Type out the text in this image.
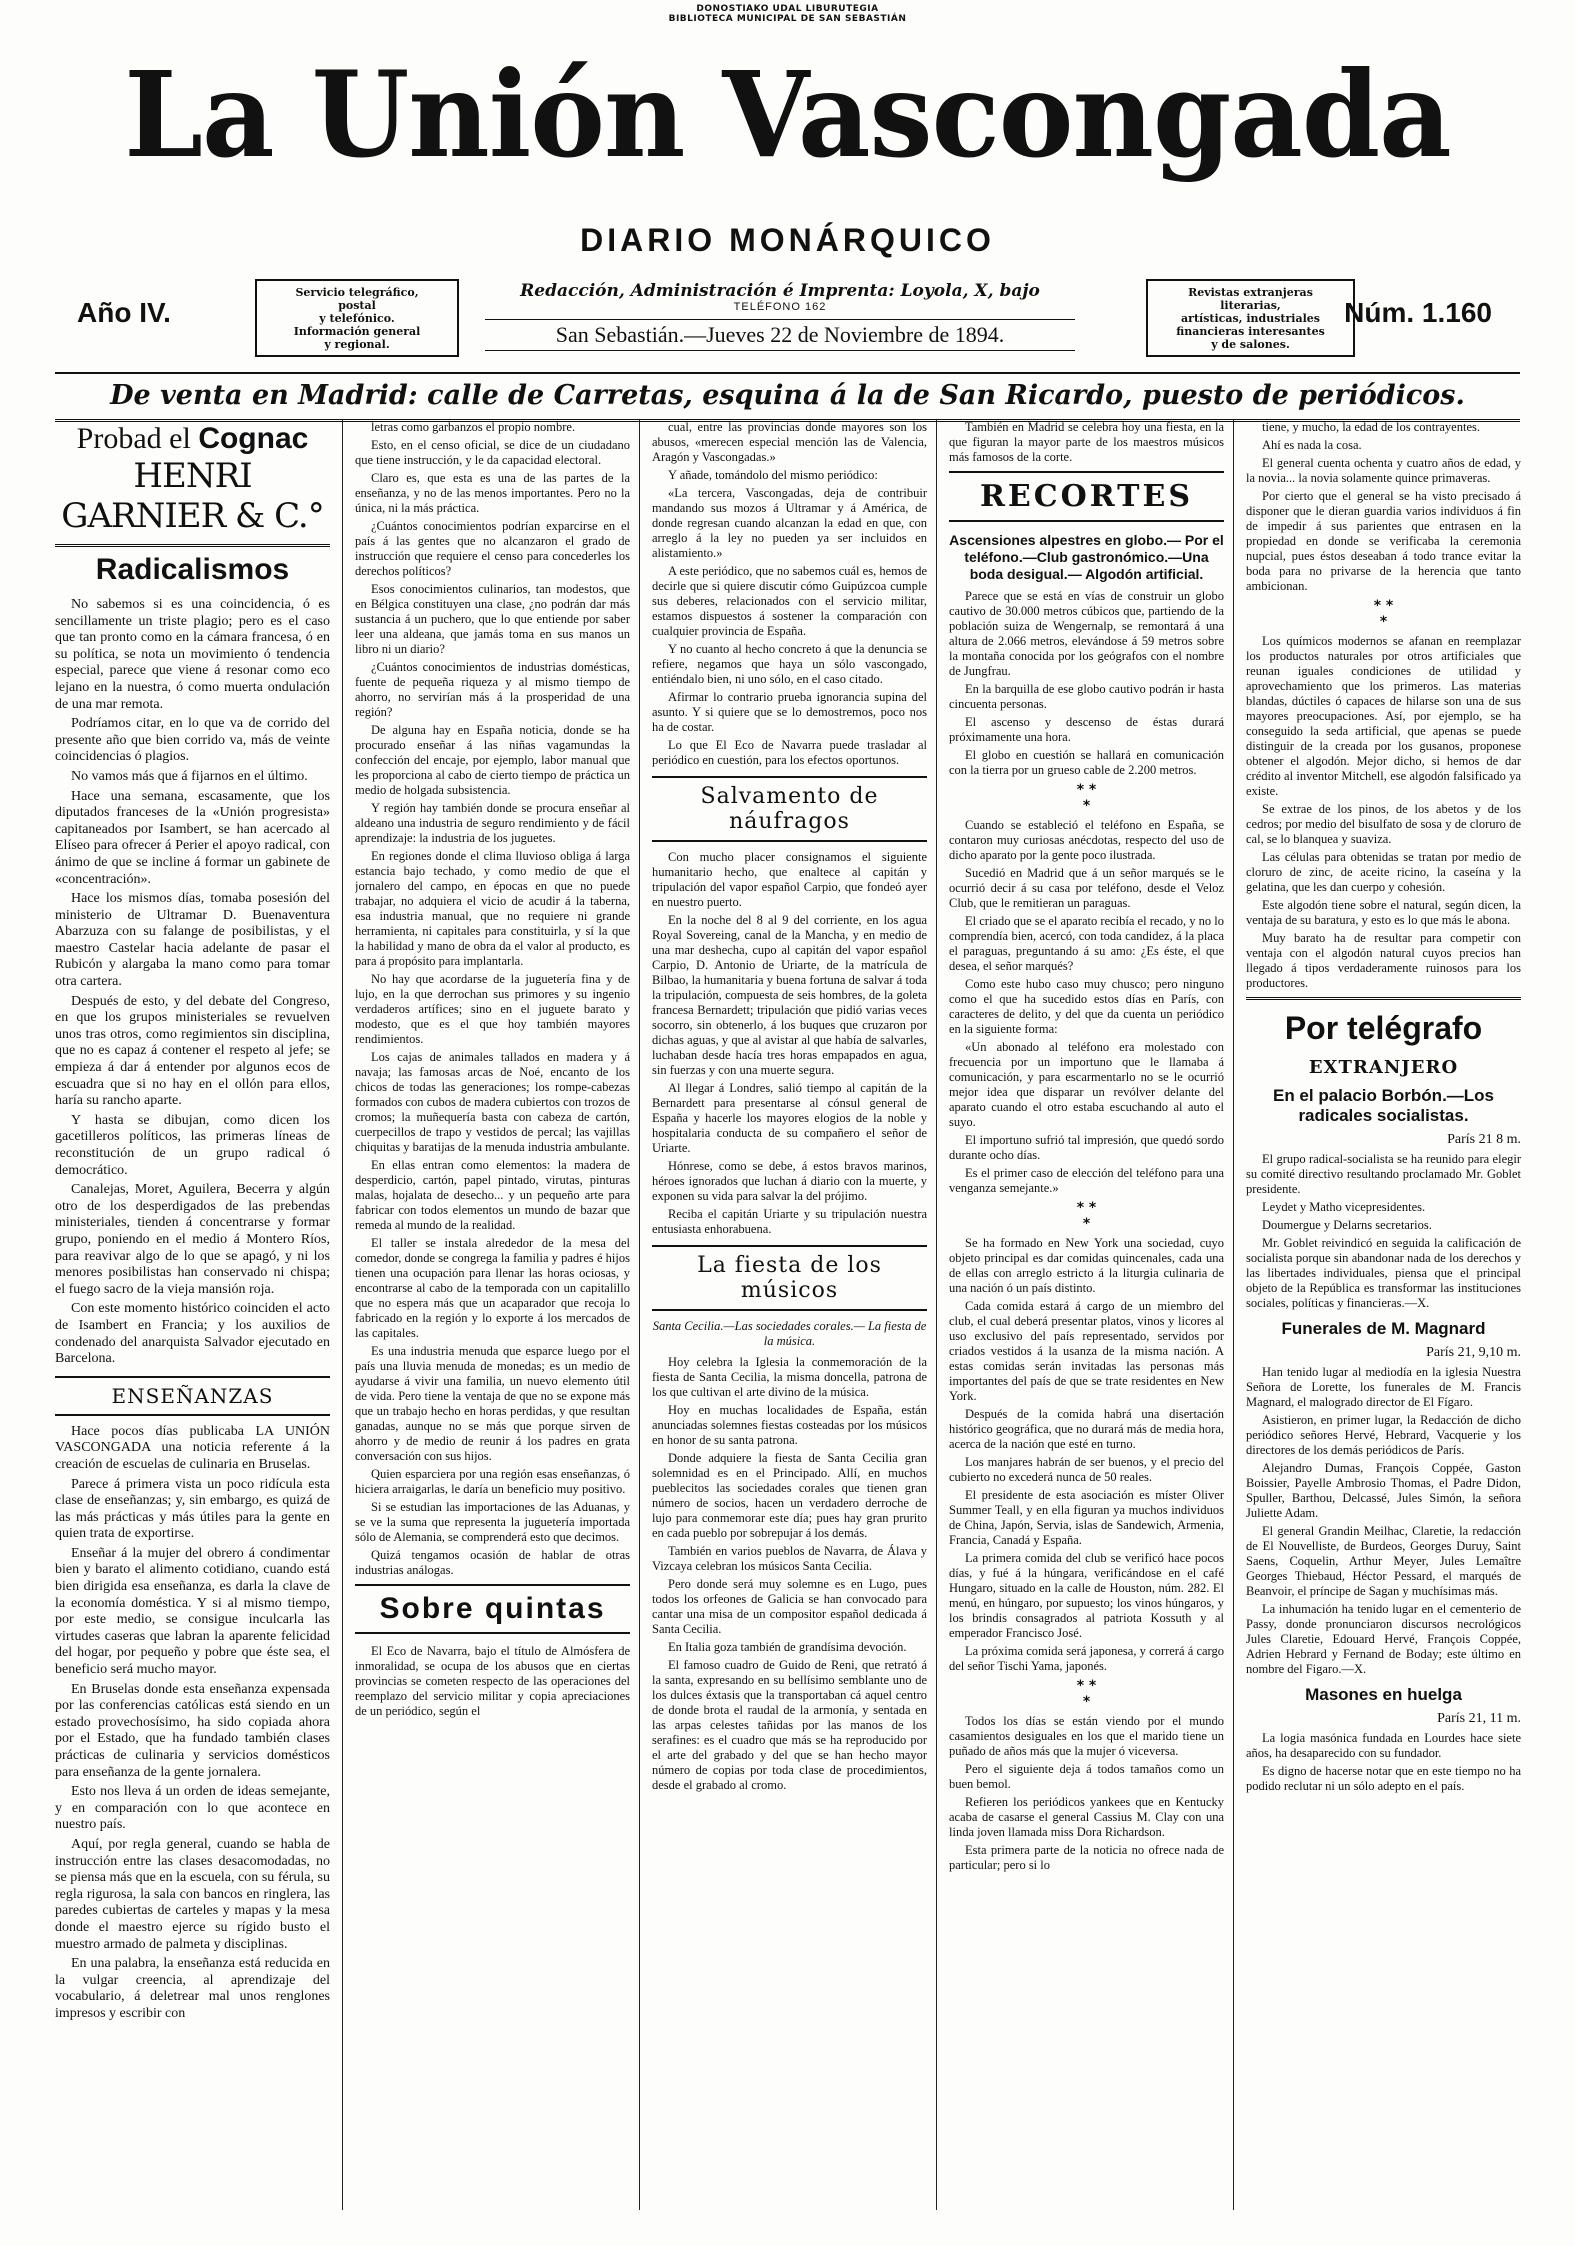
DONOSTIAKO UDAL LIBURUTEGIA
BIBLIOTECA MUNICIPAL DE SAN SEBASTIÁN
La Unión Vascongada
DIARIO MONÁRQUICO
Año IV.
Servicio telegráfico,
postal
y telefónico.
Información general
y regional.
Redacción, Administración é Imprenta: Loyola, X, bajo
TELÉFONO 162
San Sebastián.—Jueves 22 de Noviembre de 1894.
Revistas extranjeras
literarias,
artísticas, industriales
financieras interesantes
y de salones.
Núm. 1.160
De venta en Madrid: calle de Carretas, esquina á la de San Ricardo, puesto de periódicos.
Probad el Cognac
HENRI GARNIER & C.°
Radicalismos

No sabemos si es una coincidencia, ó es sencillamente un triste plagio; pero es el caso que tan pronto como en la cámara francesa, ó en su política, se nota un movimiento ó tendencia especial, parece que viene á resonar como eco lejano en la nuestra, ó como muerta ondulación de una mar remota.

Podríamos citar, en lo que va de corrido del presente año que bien corrido va, más de veinte coincidencias ó plagios.

No vamos más que á fijarnos en el último.

Hace una semana, escasamente, que los diputados franceses de la «Unión progresista» capitaneados por Isambert, se han acercado al Elíseo para ofrecer á Perier el apoyo radical, con ánimo de que se incline á formar un gabinete de «concentración».

Hace los mismos días, tomaba posesión del ministerio de Ultramar D. Buenaventura Abarzuza con su falange de posibilistas, y el maestro Castelar hacia adelante de pasar el Rubicón y alargaba la mano como para tomar otra cartera.

Después de esto, y del debate del Congreso, en que los grupos ministeriales se revuelven unos tras otros, como regimientos sin disciplina, que no es capaz á contener el respeto al jefe; se empieza á dar á entender por algunos ecos de escuadra que si no hay en el ollón para ellos, haría su rancho aparte.

Y hasta se dibujan, como dicen los gacetilleros políticos, las primeras líneas de reconstitución de un grupo radical ó democrático.

Canalejas, Moret, Aguilera, Becerra y algún otro de los desperdigados de las prebendas ministeriales, tienden á concentrarse y formar grupo, poniendo en el medio á Montero Ríos, para reavivar algo de lo que se apagó, y ni los menores posibilistas han conservado ni chispa; el fuego sacro de la vieja mansión roja.

Con este momento histórico coinciden el acto de Isambert en Francia; y los auxilios de condenado del anarquista Salvador ejecutado en Barcelona.

ENSEÑANZAS

Hace pocos días publicaba LA UNIÓN VASCONGADA una noticia referente á la creación de escuelas de culinaria en Bruselas.

Parece á primera vista un poco ridícula esta clase de enseñanzas; y, sin embargo, es quizá de las más prácticas y más útiles para la gente en quien trata de exportirse.

Enseñar á la mujer del obrero á condimentar bien y barato el alimento cotidiano, cuando está bien dirigida esa enseñanza, es darla la clave de la economía doméstica. Y si al mismo tiempo, por este medio, se consigue inculcarla las virtudes caseras que labran la aparente felicidad del hogar, por pequeño y pobre que éste sea, el beneficio será mucho mayor.

En Bruselas donde esta enseñanza expensada por las conferencias católicas está siendo en un estado provechosísimo, ha sido copiada ahora por el Estado, que ha fundado también clases prácticas de culinaria y servicios domésticos para enseñanza de la gente jornalera.

Esto nos lleva á un orden de ideas semejante, y en comparación con lo que acontece en nuestro país.

Aquí, por regla general, cuando se habla de instrucción entre las clases desacomodadas, no se piensa más que en la escuela, con su férula, su regla rigurosa, la sala con bancos en ringlera, las paredes cubiertas de carteles y mapas y la mesa donde el maestro ejerce su rígido busto el muestro armado de palmeta y disciplinas.

En una palabra, la enseñanza está reducida en la vulgar creencia, al aprendizaje del vocabulario, á deletrear mal unos renglones impresos y escribir con

letras como garbanzos el propio nombre.

Esto, en el censo oficial, se dice de un ciudadano que tiene instrucción, y le da capacidad electoral.

Claro es, que esta es una de las partes de la enseñanza, y no de las menos importantes. Pero no la única, ni la más práctica.

¿Cuántos conocimientos podrían exparcirse en el país á las gentes que no alcanzaron el grado de instrucción que requiere el censo para concederles los derechos políticos?

Esos conocimientos culinarios, tan modestos, que en Bélgica constituyen una clase, ¿no podrán dar más sustancia á un puchero, que lo que entiende por saber leer una aldeana, que jamás toma en sus manos un libro ni un diario?

¿Cuántos conocimientos de industrias domésticas, fuente de pequeña riqueza y al mismo tiempo de ahorro, no servirían más á la prosperidad de una región?

De alguna hay en España noticia, donde se ha procurado enseñar á las niñas vagamundas la confección del encaje, por ejemplo, labor manual que les proporciona al cabo de cierto tiempo de práctica un medio de holgada subsistencia.

Y región hay también donde se procura enseñar al aldeano una industria de seguro rendimiento y de fácil aprendizaje: la industria de los juguetes.

En regiones donde el clima lluvioso obliga á larga estancia bajo techado, y como medio de que el jornalero del campo, en épocas en que no puede trabajar, no adquiera el vicio de acudir á la taberna, esa industria manual, que no requiere ni grande herramienta, ni capitales para constituirla, y sí la que la habilidad y mano de obra da el valor al producto, es para á propósito para implantarla.

No hay que acordarse de la juguetería fina y de lujo, en la que derrochan sus primores y su ingenio verdaderos artífices; sino en el juguete barato y modesto, que es el que hoy también mayores rendimientos.

Los cajas de animales tallados en madera y á navaja; las famosas arcas de Noé, encanto de los chicos de todas las generaciones; los rompe-cabezas formados con cubos de madera cubiertos con trozos de cromos; la muñequería basta con cabeza de cartón, cuerpecillos de trapo y vestidos de percal; las vajillas chiquitas y baratijas de la menuda industria ambulante.

En ellas entran como elementos: la madera de desperdicio, cartón, papel pintado, virutas, pinturas malas, hojalata de desecho... y un pequeño arte para fabricar con todos elementos un mundo de bazar que remeda al mundo de la realidad.

El taller se instala alrededor de la mesa del comedor, donde se congrega la familia y padres é hijos tienen una ocupación para llenar las horas ociosas, y encontrarse al cabo de la temporada con un capitalillo que no espera más que un acaparador que recoja lo fabricado en la región y lo exporte á los mercados de las capitales.

Es una industria menuda que esparce luego por el país una lluvia menuda de monedas; es un medio de ayudarse á vivir una familia, un nuevo elemento útil de vida. Pero tiene la ventaja de que no se expone más que un trabajo hecho en horas perdidas, y que resultan ganadas, aunque no se más que porque sirven de ahorro y de medio de reunir á los padres en grata conversación con sus hijos.

Quien esparciera por una región esas enseñanzas, ó hiciera arraigarlas, le daría un beneficio muy positivo.

Si se estudian las importaciones de las Aduanas, y se ve la suma que representa la juguetería importada sólo de Alemania, se comprenderá esto que decimos.

Quizá tengamos ocasión de hablar de otras industrias análogas.

Sobre quintas

El Eco de Navarra, bajo el título de Almósfera de inmoralidad, se ocupa de los abusos que en ciertas provincias se cometen respecto de las operaciones del reemplazo del servicio militar y copia apreciaciones de un periódico, según el

cual, entre las provincias donde mayores son los abusos, «merecen especial mención las de Valencia, Aragón y Vascongadas.»

Y añade, tomándolo del mismo periódico:

«La tercera, Vascongadas, deja de contribuir mandando sus mozos á Ultramar y á América, de donde regresan cuando alcanzan la edad en que, con arreglo á la ley no pueden ya ser incluidos en alistamiento.»

A este periódico, que no sabemos cuál es, hemos de decirle que si quiere discutir cómo Guipúzcoa cumple sus deberes, relacionados con el servicio militar, estamos dispuestos á sostener la comparación con cualquier provincia de España.

Y no cuanto al hecho concreto á que la denuncia se refiere, negamos que haya un sólo vascongado, entiéndalo bien, ni uno sólo, en el caso citado.

Afirmar lo contrario prueba ignorancia supina del asunto. Y si quiere que se lo demostremos, poco nos ha de costar.

Lo que El Eco de Navarra puede trasladar al periódico en cuestión, para los efectos oportunos.

Salvamento de náufragos

Con mucho placer consignamos el siguiente humanitario hecho, que enaltece al capitán y tripulación del vapor español Carpio, que fondeó ayer en nuestro puerto.

En la noche del 8 al 9 del corriente, en los agua Royal Sovereing, canal de la Mancha, y en medio de una mar deshecha, cupo al capitán del vapor español Carpio, D. Antonio de Uriarte, de la matrícula de Bilbao, la humanitaria y buena fortuna de salvar á toda la tripulación, compuesta de seis hombres, de la goleta francesa Bernardett; tripulación que pidió varias veces socorro, sin obtenerlo, á los buques que cruzaron por dichas aguas, y que al avistar al que había de salvarles, luchaban desde hacía tres horas empapados en agua, sin fuerzas y con una muerte segura.

Al llegar á Londres, salió tiempo al capitán de la Bernardett para presentarse al cónsul general de España y hacerle los mayores elogios de la noble y hospitalaria conducta de su compañero el señor de Uriarte.

Hónrese, como se debe, á estos bravos marinos, héroes ignorados que luchan á diario con la muerte, y exponen su vida para salvar la del prójimo.

Reciba el capitán Uriarte y su tripulación nuestra entusiasta enhorabuena.

La fiesta de los músicos
Santa Cecilia.—Las sociedades corales.— La fiesta de la música.

Hoy celebra la Iglesia la conmemoración de la fiesta de Santa Cecilia, la misma doncella, patrona de los que cultivan el arte divino de la música.

Hoy en muchas localidades de España, están anunciadas solemnes fiestas costeadas por los músicos en honor de su santa patrona.

Donde adquiere la fiesta de Santa Cecilia gran solemnidad es en el Principado. Allí, en muchos pueblecitos las sociedades corales que tienen gran número de socios, hacen un verdadero derroche de lujo para conmemorar este día; pues hay gran prurito en cada pueblo por sobrepujar á los demás.

También en varios pueblos de Navarra, de Álava y Vizcaya celebran los músicos Santa Cecilia.

Pero donde será muy solemne es en Lugo, pues todos los orfeones de Galicia se han convocado para cantar una misa de un compositor español dedicada á Santa Cecilia.

En Italia goza también de grandísima devoción.

El famoso cuadro de Guido de Reni, que retrató á la santa, expresando en su bellísimo semblante uno de los dulces éxtasis que la transportaban cá aquel centro de donde brota el raudal de la armonía, y sentada en las arpas celestes tañidas por las manos de los serafines: es el cuadro que más se ha reproducido por el arte del grabado y del que se han hecho mayor número de copias por toda clase de procedimientos, desde el grabado al cromo.

También en Madrid se celebra hoy una fiesta, en la que figuran la mayor parte de los maestros músicos más famosos de la corte.

RECORTES
Ascensiones alpestres en globo.— Por el teléfono.—Club gastronómico.—Una boda desigual.— Algodón artificial.

Parece que se está en vías de construir un globo cautivo de 30.000 metros cúbicos que, partiendo de la población suiza de Wengernalp, se remontará á una altura de 2.066 metros, elevándose á 59 metros sobre la montaña conocida por los geógrafos con el nombre de Jungfrau.

En la barquilla de ese globo cautivo podrán ir hasta cincuenta personas.

El ascenso y descenso de éstas durará próximamente una hora.

El globo en cuestión se hallará en comunicación con la tierra por un grueso cable de 2.200 metros.

* *
*

Cuando se estableció el teléfono en España, se contaron muy curiosas anécdotas, respecto del uso de dicho aparato por la gente poco ilustrada.

Sucedió en Madrid que á un señor marqués se le ocurrió decir á su casa por teléfono, desde el Veloz Club, que le remitieran un paraguas.

El criado que se el aparato recibía el recado, y no lo comprendía bien, acercó, con toda candidez, á la placa el paraguas, preguntando á su amo: ¿Es éste, el que desea, el señor marqués?

Como este hubo caso muy chusco; pero ninguno como el que ha sucedido estos días en París, con caracteres de delito, y del que da cuenta un periódico en la siguiente forma:

«Un abonado al teléfono era molestado con frecuencia por un importuno que le llamaba á comunicación, y para escarmentarlo no se le ocurrió mejor idea que disparar un revólver delante del aparato cuando el otro estaba escuchando al auto el suyo.

El importuno sufrió tal impresión, que quedó sordo durante ocho días.

Es el primer caso de elección del teléfono para una venganza semejante.»

* *
*

Se ha formado en New York una sociedad, cuyo objeto principal es dar comidas quincenales, cada una de ellas con arreglo estricto á la liturgia culinaria de una nación ó un país distinto.

Cada comida estará á cargo de un miembro del club, el cual deberá presentar platos, vinos y licores al uso exclusivo del país representado, servidos por criados vestidos á la usanza de la misma nación. A estas comidas serán invitadas las personas más importantes del país de que se trate residentes en New York.

Después de la comida habrá una disertación histórico geográfica, que no durará más de media hora, acerca de la nación que esté en turno.

Los manjares habrán de ser buenos, y el precio del cubierto no excederá nunca de 50 reales.

El presidente de esta asociación es míster Oliver Summer Teall, y en ella figuran ya muchos individuos de China, Japón, Servia, islas de Sandewich, Armenia, Francia, Canadá y España.

La primera comida del club se verificó hace pocos días, y fué á la húngara, verificándose en el café Hungaro, situado en la calle de Houston, núm. 282. El menú, en húngaro, por supuesto; los vinos húngaros, y los brindis consagrados al patriota Kossuth y al emperador Francisco José.

La próxima comida será japonesa, y correrá á cargo del señor Tischi Yama, japonés.

* *
*

Todos los días se están viendo por el mundo casamientos desiguales en los que el marido tiene un puñado de años más que la mujer ó viceversa.

Pero el siguiente deja á todos tamaños como un buen bemol.

Refieren los periódicos yankees que en Kentucky acaba de casarse el general Cassius M. Clay con una linda joven llamada miss Dora Richardson.

Esta primera parte de la noticia no ofrece nada de particular; pero si lo

tiene, y mucho, la edad de los contrayentes.

Ahí es nada la cosa.

El general cuenta ochenta y cuatro años de edad, y la novia... la novia solamente quince primaveras.

Por cierto que el general se ha visto precisado á disponer que le dieran guardia varios individuos á fin de impedir á sus parientes que entrasen en la propiedad en donde se verificaba la ceremonia nupcial, pues éstos deseaban á todo trance evitar la boda para no privarse de la herencia que tanto ambicionan.

* *
*

Los químicos modernos se afanan en reemplazar los productos naturales por otros artificiales que reunan iguales condiciones de utilidad y aprovechamiento que los primeros. Las materias blandas, dúctiles ó capaces de hilarse son una de sus mayores preocupaciones. Así, por ejemplo, se ha conseguido la seda artificial, que apenas se puede distinguir de la creada por los gusanos, proponese obtener el algodón. Mejor dicho, si hemos de dar crédito al inventor Mitchell, ese algodón falsificado ya existe.

Se extrae de los pinos, de los abetos y de los cedros; por medio del bisulfato de sosa y de cloruro de cal, se lo blanquea y suaviza.

Las células para obtenidas se tratan por medio de cloruro de zinc, de aceite ricino, la caseína y la gelatina, que les dan cuerpo y cohesión.

Este algodón tiene sobre el natural, según dicen, la ventaja de su baratura, y esto es lo que más le abona.

Muy barato ha de resultar para competir con ventaja con el algodón natural cuyos precios han llegado á tipos verdaderamente ruinosos para los productores.

Por telégrafo
EXTRANJERO
En el palacio Borbón.—Los radicales socialistas.
París 21 8 m.

El grupo radical-socialista se ha reunido para elegir su comité directivo resultando proclamado Mr. Goblet presidente.

Leydet y Matho vicepresidentes.

Doumergue y Delarns secretarios.

Mr. Goblet reivindicó en seguida la calificación de socialista porque sin abandonar nada de los derechos y las libertades individuales, piensa que el principal objeto de la República es transformar las instituciones sociales, políticas y financieras.—X.

Funerales de M. Magnard
París 21, 9,10 m.

Han tenido lugar al mediodía en la iglesia Nuestra Señora de Lorette, los funerales de M. Francis Magnard, el malogrado director de El Fígaro.

Asistieron, en primer lugar, la Redacción de dicho periódico señores Hervé, Hebrard, Vacquerie y los directores de los demás periódicos de París.

Alejandro Dumas, François Coppée, Gaston Boissier, Payelle Ambrosio Thomas, el Padre Didon, Spuller, Barthou, Delcassé, Jules Simón, la señora Juliette Adam.

El general Grandin Meilhac, Claretie, la redacción de El Nouvelliste, de Burdeos, Georges Duruy, Saint Saens, Coquelin, Arthur Meyer, Jules Lemaître Georges Thiebaud, Héctor Pessard, el marqués de Beanvoir, el príncipe de Sagan y muchísimas más.

La inhumación ha tenido lugar en el cementerio de Passy, donde pronunciaron discursos necrológicos Jules Claretie, Edouard Hervé, François Coppée, Adrien Hebrard y Fernand de Boday; este último en nombre del Figaro.—X.

Masones en huelga
París 21, 11 m.

La logia masónica fundada en Lourdes hace siete años, ha desaparecido con su fundador.

Es digno de hacerse notar que en este tiempo no ha podido reclutar ni un sólo adepto en el país.
